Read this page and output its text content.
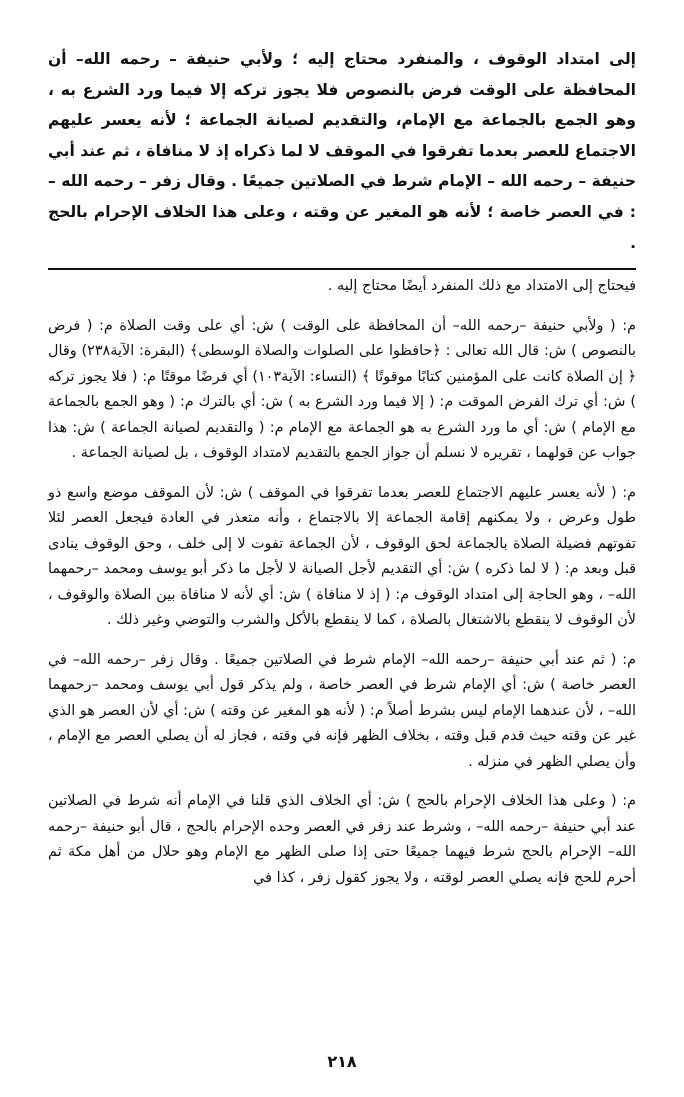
إلى امتداد الوقوف ، والمنفرد محتاج إليه ؛ ولأبي حنيفة – رحمه الله– أن المحافظة على الوقت فرض بالنصوص فلا يجوز تركه إلا فيما ورد الشرع به ، وهو الجمع بالجماعة مع الإمام، والتقديم لصيانة الجماعة ؛ لأنه يعسر عليهم الاجتماع للعصر بعدما تفرقوا في الموقف لا لما ذكراه إذ لا منافاة ، ثم عند أبي حنيفة – رحمه الله – الإمام شرط في الصلاتين جميعًا . وقال زفر – رحمه الله – : في العصر خاصة ؛ لأنه هو المغير عن وقته ، وعلى هذا الخلاف الإحرام بالحج .

فيحتاج إلى الامتداد مع ذلك المنفرد أيضًا محتاج إليه .

م: ( ولأبي حنيفة –رحمه الله– أن المحافظة على الوقت ) ش: أي على وقت الصلاة م: ( فرض بالنصوص ) ش: قال الله تعالى : ﴿حافظوا على الصلوات والصلاة الوسطى﴾ (البقرة: الآية٢٣٨) وقال ﴿ إن الصلاة كانت على المؤمنين كتابًا موقوتًا ﴾ (النساء: الآية١٠٣) أي فرضًا موقتًا م: ( فلا يجوز تركه ) ش: أي ترك الفرض الموقت م: ( إلا فيما ورد الشرع به ) ش: أي بالترك م: ( وهو الجمع بالجماعة مع الإمام ) ش: أي ما ورد الشرع به هو الجماعة مع الإمام م: ( والتقديم لصيانة الجماعة ) ش: هذا جواب عن قولهما ، تقريره لا نسلم أن جواز الجمع بالتقديم لامتداد الوقوف ، بل لصيانة الجماعة .

م: ( لأنه يعسر عليهم الاجتماع للعصر بعدما تفرقوا في الموقف ) ش: لأن الموقف موضع واسع ذو طول وعرض ، ولا يمكنهم إقامة الجماعة إلا بالاجتماع ، وأنه متعذر في العادة فيجعل العصر لئلا تفوتهم فضيلة الصلاة بالجماعة لحق الوقوف ، لأن الجماعة تفوت لا إلى خلف ، وحق الوقوف ينادى قبل وبعد م: ( لا لما ذكره ) ش: أي التقديم لأجل الصيانة لا لأجل ما ذكر أبو يوسف ومحمد –رحمهما الله– ، وهو الحاجة إلى امتداد الوقوف م: ( إذ لا منافاة ) ش: أي لأنه لا منافاة بين الصلاة والوقوف ، لأن الوقوف لا ينقطع بالاشتغال بالصلاة ، كما لا ينقطع بالأكل والشرب والتوضي وغير ذلك .

م: ( ثم عند أبي حنيفة –رحمه الله– الإمام شرط في الصلاتين جميعًا . وقال زفر –رحمه الله– في العصر خاصة ) ش: أي الإمام شرط في العصر خاصة ، ولم يذكر قول أبي يوسف ومحمد –رحمهما الله– ، لأن عندهما الإمام ليس بشرط أصلاً م: ( لأنه هو المغير عن وقته ) ش: أي لأن العصر هو الذي غير عن وقته حيث قدم قبل وقته ، بخلاف الظهر فإنه في وقته ، فجاز له أن يصلي العصر مع الإمام ، وأن يصلي الظهر في منزله .

م: ( وعلى هذا الخلاف الإحرام بالحج ) ش: أي الخلاف الذي قلنا في الإمام أنه شرط في الصلاتين عند أبي حنيفة –رحمه الله– ، وشرط عند زفر في العصر وحده الإحرام بالحج ، قال أبو حنيفة –رحمه الله– الإحرام بالحج شرط فيهما جميعًا حتى إذا صلى الظهر مع الإمام وهو حلال من أهل مكة ثم أحرم للحج فإنه يصلي العصر لوقته ، ولا يجوز كقول زفر ، كذا في

٢١٨
